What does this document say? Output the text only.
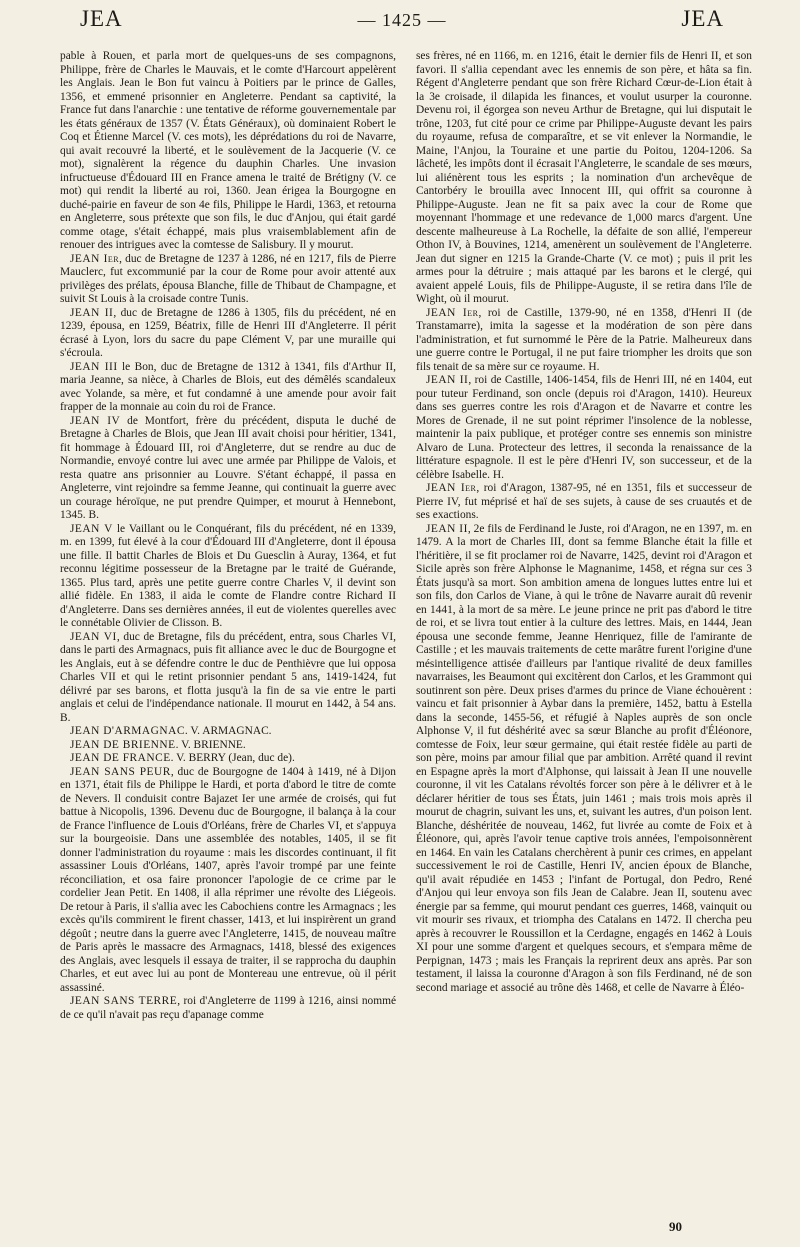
JEA	— 1425 —	JEA

pable à Rouen, et parla mort de quelques-uns de ses compagnons, Philippe, frère de Charles le Mauvais, et le comte d'Harcourt appelèrent les Anglais. Jean le Bon fut vaincu à Poitiers par le prince de Galles, 1356, et emmené prisonnier en Angleterre. Pendant sa captivité, la France fut dans l'anarchie : une tentative de réforme gouvernementale par les états généraux de 1357 (V. États Généraux), où dominaient Robert le Coq et Étienne Marcel (V. ces mots), les déprédations du roi de Navarre, qui avait recouvré la liberté, et le soulèvement de la Jacquerie (V. ce mot), signalèrent la régence du dauphin Charles. Une invasion infructueuse d'Édouard III en France amena le traité de Brétigny (V. ce mot) qui rendit la liberté au roi, 1360. Jean érigea la Bourgogne en duché-pairie en faveur de son 4e fils, Philippe le Hardi, 1363, et retourna en Angleterre, sous prétexte que son fils, le duc d'Anjou, qui était gardé comme otage, s'était échappé, mais plus vraisemblablement afin de renouer des intrigues avec la comtesse de Salisbury. Il y mourut.

JEAN Ier, duc de Bretagne de 1237 à 1286, né en 1217, fils de Pierre Mauclerc, fut excommunié par la cour de Rome pour avoir attenté aux privilèges des prélats, épousa Blanche, fille de Thibaut de Champagne, et suivit St Louis à la croisade contre Tunis.

JEAN II, duc de Bretagne de 1286 à 1305, fils du précédent, né en 1239, épousa, en 1259, Béatrix, fille de Henri III d'Angleterre. Il périt écrasé à Lyon, lors du sacre du pape Clément V, par une muraille qui s'écroula.

JEAN III le Bon, duc de Bretagne de 1312 à 1341, fils d'Arthur II, maria Jeanne, sa nièce, à Charles de Blois, eut des démêlés scandaleux avec Yolande, sa mère, et fut condamné à une amende pour avoir fait frapper de la monnaie au coin du roi de France.

JEAN IV de Montfort, frère du précédent, disputa le duché de Bretagne à Charles de Blois, que Jean III avait choisi pour héritier, 1341, fit hommage à Édouard III, roi d'Angleterre, dut se rendre au duc de Normandie, envoyé contre lui avec une armée par Philippe de Valois, et resta quatre ans prisonnier au Louvre. S'étant échappé, il passa en Angleterre, vint rejoindre sa femme Jeanne, qui continuait la guerre avec un courage héroïque, ne put prendre Quimper, et mourut à Hennebont, 1345. B.

JEAN V le Vaillant ou le Conquérant, fils du précédent, né en 1339, m. en 1399, fut élevé à la cour d'Édouard III d'Angleterre, dont il épousa une fille. Il battit Charles de Blois et Du Guesclin à Auray, 1364, et fut reconnu légitime possesseur de la Bretagne par le traité de Guérande, 1365. Plus tard, après une petite guerre contre Charles V, il devint son allié fidèle. En 1383, il aida le comte de Flandre contre Richard II d'Angleterre. Dans ses dernières années, il eut de violentes querelles avec le connétable Olivier de Clisson. B.

JEAN VI, duc de Bretagne, fils du précédent, entra, sous Charles VI, dans le parti des Armagnacs, puis fit alliance avec le duc de Bourgogne et les Anglais, eut à se défendre contre le duc de Penthièvre que lui opposa Charles VII et qui le retint prisonnier pendant 5 ans, 1419-1424, fut délivré par ses barons, et flotta jusqu'à la fin de sa vie entre le parti anglais et celui de l'indépendance nationale. Il mourut en 1442, à 54 ans. B.

JEAN D'ARMAGNAC. V. ARMAGNAC.

JEAN DE BRIENNE. V. BRIENNE.

JEAN DE FRANCE. V. BERRY (Jean, duc de).

JEAN SANS PEUR, duc de Bourgogne de 1404 à 1419, né à Dijon en 1371, était fils de Philippe le Hardi, et porta d'abord le titre de comte de Nevers. Il conduisit contre Bajazet Ier une armée de croisés, qui fut battue à Nicopolis, 1396. Devenu duc de Bourgogne, il balança à la cour de France l'influence de Louis d'Orléans, frère de Charles VI, et s'appuya sur la bourgeoisie. Dans une assemblée des notables, 1405, il se fit donner l'administration du royaume : mais les discordes continuant, il fit assassiner Louis d'Orléans, 1407, après l'avoir trompé par une feinte réconciliation, et osa faire prononcer l'apologie de ce crime par le cordelier Jean Petit. En 1408, il alla réprimer une révolte des Liégeois. De retour à Paris, il s'allia avec les Cabochiens contre les Armagnacs ; les excès qu'ils commirent le firent chasser, 1413, et lui inspirèrent un grand dégoût ; neutre dans la guerre avec l'Angleterre, 1415, de nouveau maître de Paris après le massacre des Armagnacs, 1418, blessé des exigences des Anglais, avec lesquels il essaya de traiter, il se rapprocha du dauphin Charles, et eut avec lui au pont de Montereau une entrevue, où il périt assassiné.

JEAN SANS TERRE, roi d'Angleterre de 1199 à 1216, ainsi nommé de ce qu'il n'avait pas reçu d'apanage comme

ses frères, né en 1166, m. en 1216, était le dernier fils de Henri II, et son favori. Il s'allia cependant avec les ennemis de son père, et hâta sa fin. Régent d'Angleterre pendant que son frère Richard Cœur-de-Lion était à la 3e croisade, il dilapida les finances, et voulut usurper la couronne. Devenu roi, il égorgea son neveu Arthur de Bretagne, qui lui disputait le trône, 1203, fut cité pour ce crime par Philippe-Auguste devant les pairs du royaume, refusa de comparaître, et se vit enlever la Normandie, le Maine, l'Anjou, la Touraine et une partie du Poitou, 1204-1206. Sa lâcheté, les impôts dont il écrasait l'Angleterre, le scandale de ses mœurs, lui aliénèrent tous les esprits ; la nomination d'un archevêque de Cantorbéry le brouilla avec Innocent III, qui offrit sa couronne à Philippe-Auguste. Jean ne fit sa paix avec la cour de Rome que moyennant l'hommage et une redevance de 1,000 marcs d'argent. Une descente malheureuse à La Rochelle, la défaite de son allié, l'empereur Othon IV, à Bouvines, 1214, amenèrent un soulèvement de l'Angleterre. Jean dut signer en 1215 la Grande-Charte (V. ce mot) ; puis il prit les armes pour la détruire ; mais attaqué par les barons et le clergé, qui avaient appelé Louis, fils de Philippe-Auguste, il se retira dans l'île de Wight, où il mourut.

JEAN Ier, roi de Castille, 1379-90, né en 1358, d'Henri II (de Transtamarre), imita la sagesse et la modération de son père dans l'administration, et fut surnommé le Père de la Patrie. Malheureux dans une guerre contre le Portugal, il ne put faire triompher les droits que son fils tenait de sa mère sur ce royaume. H.

JEAN II, roi de Castille, 1406-1454, fils de Henri III, né en 1404, eut pour tuteur Ferdinand, son oncle (depuis roi d'Aragon, 1410). Heureux dans ses guerres contre les rois d'Aragon et de Navarre et contre les Mores de Grenade, il ne sut point réprimer l'insolence de la noblesse, maintenir la paix publique, et protéger contre ses ennemis son ministre Alvaro de Luna. Protecteur des lettres, il seconda la renaissance de la littérature espagnole. Il est le père d'Henri IV, son successeur, et de la célèbre Isabelle. H.

JEAN Ier, roi d'Aragon, 1387-95, né en 1351, fils et successeur de Pierre IV, fut méprisé et haï de ses sujets, à cause de ses cruautés et de ses exactions.

JEAN II, 2e fils de Ferdinand le Juste, roi d'Aragon, ne en 1397, m. en 1479. A la mort de Charles III, dont sa femme Blanche était la fille et l'héritière, il se fit proclamer roi de Navarre, 1425, devint roi d'Aragon et Sicile après son frère Alphonse le Magnanime, 1458, et régna sur ces 3 États jusqu'à sa mort. Son ambition amena de longues luttes entre lui et son fils, don Carlos de Viane, à qui le trône de Navarre aurait dû revenir en 1441, à la mort de sa mère. Le jeune prince ne prit pas d'abord le titre de roi, et se livra tout entier à la culture des lettres. Mais, en 1444, Jean épousa une seconde femme, Jeanne Henriquez, fille de l'amirante de Castille ; et les mauvais traitements de cette marâtre furent l'origine d'une mésintelligence attisée d'ailleurs par l'antique rivalité de deux familles navarraises, les Beaumont qui excitèrent don Carlos, et les Grammont qui soutinrent son père. Deux prises d'armes du prince de Viane échouèrent : vaincu et fait prisonnier à Aybar dans la première, 1452, battu à Estella dans la seconde, 1455-56, et réfugié à Naples auprès de son oncle Alphonse V, il fut déshérité avec sa sœur Blanche au profit d'Éléonore, comtesse de Foix, leur sœur germaine, qui était restée fidèle au parti de son père, moins par amour filial que par ambition. Arrêté quand il revint en Espagne après la mort d'Alphonse, qui laissait à Jean II une nouvelle couronne, il vit les Catalans révoltés forcer son père à le délivrer et à le déclarer héritier de tous ses États, juin 1461 ; mais trois mois après il mourut de chagrin, suivant les uns, et, suivant les autres, d'un poison lent. Blanche, déshéritée de nouveau, 1462, fut livrée au comte de Foix et à Éléonore, qui, après l'avoir tenue captive trois années, l'empoisonnèrent en 1464. En vain les Catalans cherchèrent à punir ces crimes, en appelant successivement le roi de Castille, Henri IV, ancien époux de Blanche, qu'il avait répudiée en 1453 ; l'infant de Portugal, don Pedro, René d'Anjou qui leur envoya son fils Jean de Calabre. Jean II, soutenu avec énergie par sa femme, qui mourut pendant ces guerres, 1468, vainquit ou vit mourir ses rivaux, et triompha des Catalans en 1472. Il chercha peu après à recouvrer le Roussillon et la Cerdagne, engagés en 1462 à Louis XI pour une somme d'argent et quelques secours, et s'empara même de Perpignan, 1473 ; mais les Français la reprirent deux ans après. Par son testament, il laissa la couronne d'Aragon à son fils Ferdinand, né de son second mariage et associé au trône dès 1468, et celle de Navarre à Éléo-

90
